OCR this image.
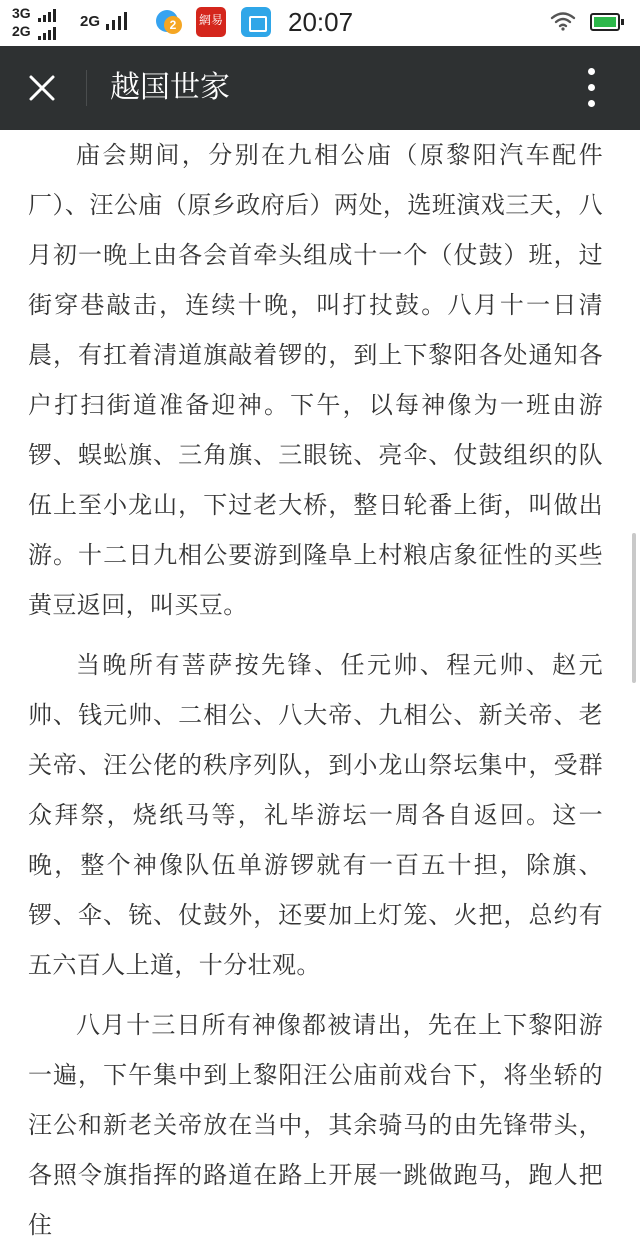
3G
2G
2G	2	網易	20:07
越国世家

庙会期间，分别在九相公庙（原黎阳汽车配件厂）、汪公庙（原乡政府后）两处，选班演戏三天，八月初一晚上由各会首牵头组成十一个（仗鼓）班，过街穿巷敲击，连续十晚，叫打扙鼓。八月十一日清晨，有扛着清道旗敲着锣的，到上下黎阳各处通知各户打扫街道准备迎神。下午，以每神像为一班由游锣、蜈蚣旗、三角旗、三眼铳、亮伞、仗鼓组织的队伍上至小龙山，下过老大桥，整日轮番上街，叫做出游。十二日九相公要游到隆阜上村粮店象征性的买些黄豆返回，叫买豆。

当晚所有菩萨按先锋、任元帅、程元帅、赵元帅、钱元帅、二相公、八大帝、九相公、新关帝、老关帝、汪公佬的秩序列队，到小龙山祭坛集中，受群众拜祭，烧纸马等，礼毕游坛一周各自返回。这一晚，整个神像队伍单游锣就有一百五十担，除旗、锣、伞、铳、仗鼓外，还要加上灯笼、火把，总约有五六百人上道，十分壮观。

八月十三日所有神像都被请出，先在上下黎阳游一遍，下午集中到上黎阳汪公庙前戏台下，将坐轿的汪公和新老关帝放在当中，其余骑马的由先锋带头，各照令旗指挥的路道在路上开展一跳做跑马，跑人把住
